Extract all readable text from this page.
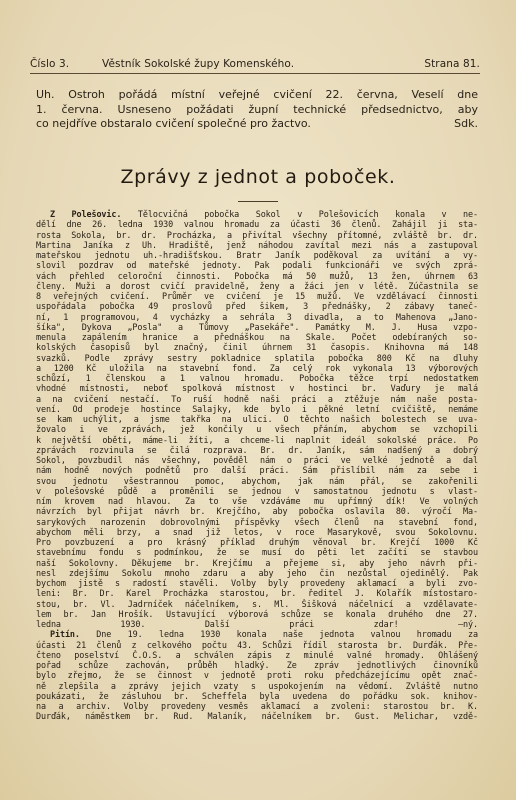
Číslo 3.	Věstník Sokolské župy Komenského.	Strana 81.
Uh. Ostroh pořádá místní veřejné cvičení 22. června, Veselí dne
1. června. Usneseno požádati župní technické předsednictvo, aby
co nejdříve obstaralo cvičení společné pro žactvo.	Sdk.
Zprávy z jednot a poboček.
Z Polešovic. Tělocvičná pobočka Sokol v Polešovicích konala v ne-
dělí dne 26. ledna 1930 valnou hromadu za účasti 36 členů. Zahájil ji sta-
rosta Sokola, br. dr. Procházka, a přivítal všechny přítomné, zvláště br. dr.
Martina Janíka z Uh. Hradiště, jenž náhodou zavítal mezi nás a zastupoval
mateřskou jednotu uh.-hradišťskou. Bratr Janík poděkoval za uvítání a vy-
slovil pozdrav od mateřské jednoty. Pak podali funkcionáři ve svých zprá-
vách přehled celoroční činnosti. Pobočka má 50 mužů, 13 žen, úhrnem 63
členy. Muži a dorost cvičí pravidelně, ženy a žáci jen v létě. Zúčastnila se
8 veřejných cvičení. Průměr ve cvičení je 15 mužů. Ve vzdělávací činnosti
uspořádala pobočka 49 proslovů před šikem, 3 přednášky, 2 zábavy taneč-
ní, 1 programovou, 4 vycházky a sehrála 3 divadla, a to Mahenova „Jano-
šíka", Dykova „Posla" a Tůmovy „Pasekáře". Památky M. J. Husa vzpo-
menula zapálením hranice a přednáškou na Skale. Počet odebíraných so-
kolských časopisů byl značný, činil úhrnem 31 časopis. Knihovna má 148
svazků. Podle zprávy sestry pokladnice splatila pobočka 800 Kč na dluhy
a 1200 Kč uložila na stavební fond. Za celý rok vykonala 13 výborových
schůzí, 1 členskou a 1 valnou hromadu. Pobočka těžce trpí nedostatkem
vhodné místnosti, neboť spolková místnost v hostinci br. Vaďury je malá
a na cvičení nestačí. To ruší hodně naši práci a ztěžuje nám naše posta-
vení. Od prodeje hostince Salajky, kde bylo i pěkné letní cvičiště, nemáme
se kam uchýlit, a jsme takřka na ulici. O těchto našich bolestech se uva-
žovalo i ve zprávách, jež končily u všech přáním, abychom se vzchopili
k největší oběti, máme-li žíti, a chceme-li naplnit ideál sokolské práce. Po
zprávách rozvinula se čilá rozprava. Br. dr. Janík, sám nadšený a dobrý
Sokol, povzbudil nás všechny, pověděl nám o práci ve velké jednotě a dal
nám hodně nových podnětů pro další práci. Sám přislíbil nám za sebe i
svou jednotu všestrannou pomoc, abychom, jak nám přál, se zakořenili
v polešovské půdě a proměnili se jednou v samostatnou jednotu s vlast-
ním krovem nad hlavou. Za to vše vzdáváme mu upřímný dík! Ve volných
návrzích byl přijat návrh br. Krejčího, aby pobočka oslavila 80. výročí Ma-
sarykových narozenin dobrovolnými příspěvky všech členů na stavební fond,
abychom měli brzy, a snad již letos, v roce Masarykově, svou Sokolovnu.
Pro povzbuzení a pro krásný příklad druhým věnoval br. Krejčí 1000 Kč
stavebnímu fondu s podmínkou, že se musí do pěti let začíti se stavbou
naší Sokolovny. Děkujeme br. Krejčímu a přejeme si, aby jeho návrh při-
nesl zdejšímu Sokolu mnoho zdaru a aby jeho čin nezůstal ojedinělý. Pak
bychom jistě s radostí stavěli. Volby byly provedeny aklamací a byli zvo-
leni: Br. Dr. Karel Procházka starostou, br. ředitel J. Kolařík místostaro-
stou, br. Vl. Jadrníček náčelníkem, s. Ml. Šišková náčelnicí a vzdělavate-
lem br. Jan Hrošík. Ustavující výborová schůze se konala druhého dne 27.
ledna 1930. Další práci zdar!	—ný.
Pitín. Dne 19. ledna 1930 konala naše jednota valnou hromadu za
účasti 21 členů z celkového počtu 43. Schůzi řídil starosta br. Durďák. Pře-
čteno poselství Č.O.S. a schválen zápis z minulé valné hromady. Ohlášený
pořad schůze zachován, průběh hladký. Ze zpráv jednotlivých činovníků
bylo zřejmo, že se činnost v jednotě proti roku předcházejícímu opět znač-
ně zlepšila a zprávy jejich vzaty s uspokojením na vědomí. Zvláště nutno
poukázati, že zásluhou br. Scheffela byla uvedena do pořádku sok. knihov-
na a archiv. Volby provedeny vesměs aklamací a zvoleni: starostou br. K.
Durďák, náměstkem br. Rud. Malaník, náčelníkem br. Gust. Melichar, vzdě-
